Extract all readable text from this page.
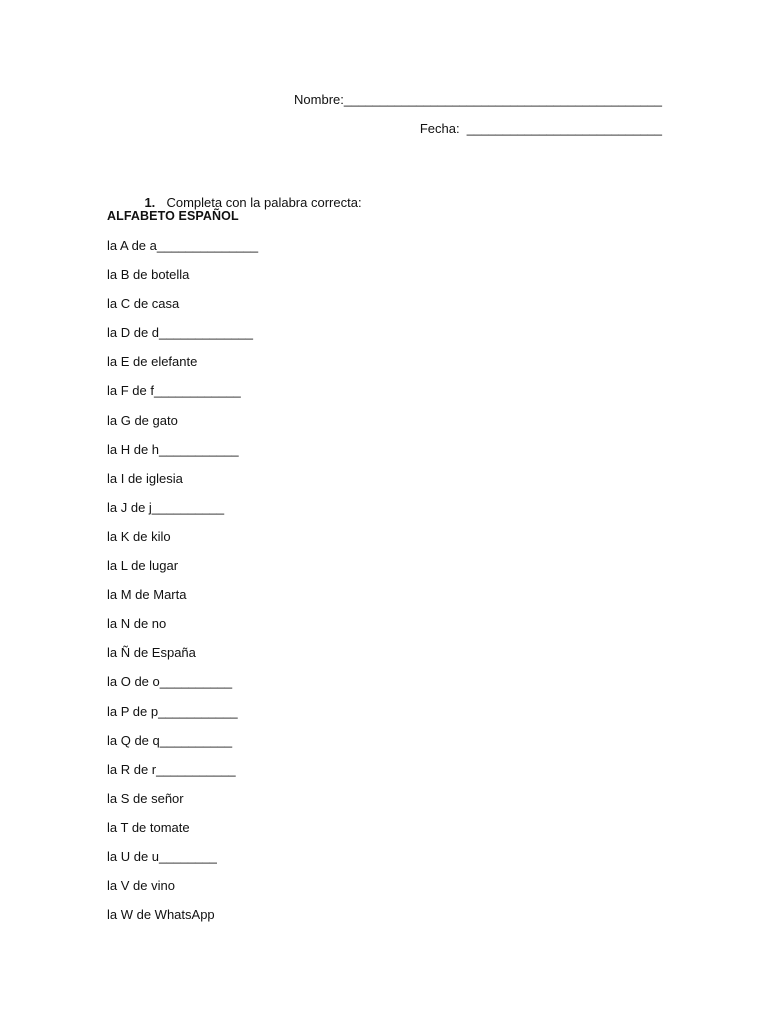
Nombre:____________________________________________
Fecha:  ___________________________

1. Completa con la palabra correcta:

ALFABETO ESPAÑOL
la A de a______________
la B de botella
la C de casa
la D de d_____________
la E de elefante
la F de f____________
la G de gato
la H de h___________
la I de iglesia
la J de j__________
la K de kilo
la L de lugar
la M de Marta
la N de no
la Ñ de España
la O de o__________
la P de p___________
la Q de q__________
la R de r___________
la S de señor
la T de tomate
la U de u________
la V de vino
la W de WhatsApp
